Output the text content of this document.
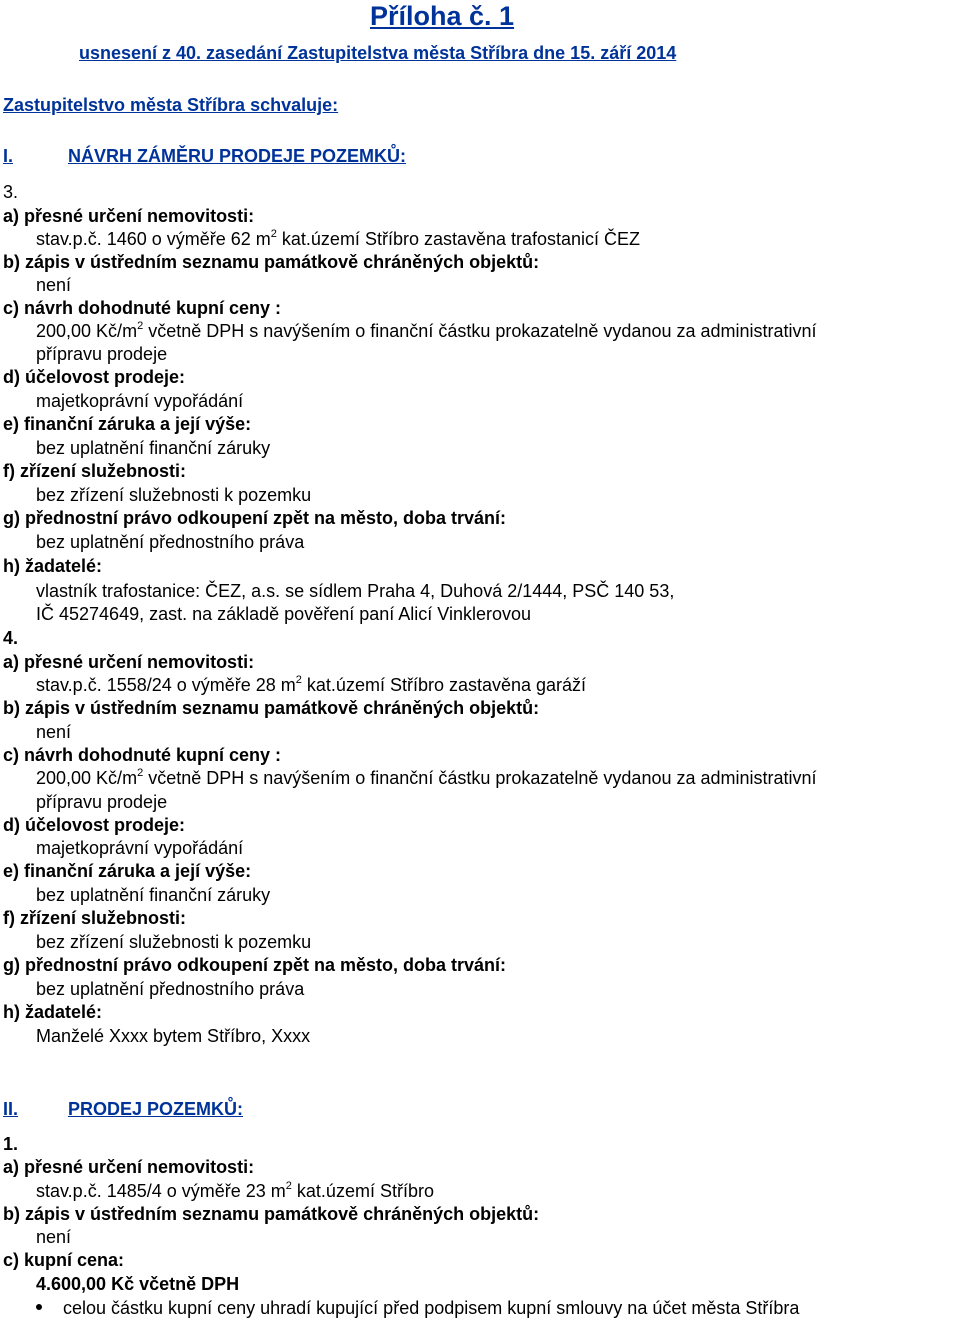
Příloha č. 1
usnesení z 40. zasedání Zastupitelstva města Stříbra dne 15. září 2014
Zastupitelstvo města Stříbra schvaluje:
I.	NÁVRH ZÁMĚRU PRODEJE POZEMKŮ:
3.
a) přesné určení nemovitosti:
stav.p.č. 1460 o výměře 62 $m^2$ kat.území Stříbro zastavěna trafostanicí ČEZ
b) zápis v ústředním seznamu památkově chráněných objektů:
není
c) návrh dohodnuté kupní ceny :
200,00 $Kč/m^2$ včetně DPH s navýšením o finanční částku prokazatelně vydanou za administrativní
přípravu prodeje
d) účelovost prodeje:
majetkoprávní vypořádání
e) finanční záruka a její výše:
bez uplatnění finanční záruky
f) zřízení služebnosti:
bez zřízení služebnosti k pozemku
g) přednostní právo odkoupení zpět na město, doba trvání:
bez uplatnění přednostního práva
h) žadatelé:
vlastník trafostanice: ČEZ, a.s. se sídlem Praha 4, Duhová 2/1444, PSČ 140 53,
IČ 45274649, zast. na základě pověření paní Alicí Vinklerovou
4.
a) přesné určení nemovitosti:
stav.p.č. 1558/24 o výměře 28 $m^2$ kat.území Stříbro zastavěna garáží
b) zápis v ústředním seznamu památkově chráněných objektů:
není
c) návrh dohodnuté kupní ceny :
200,00 $Kč/m^2$ včetně DPH s navýšením o finanční částku prokazatelně vydanou za administrativní
přípravu prodeje
d) účelovost prodeje:
majetkoprávní vypořádání
e) finanční záruka a její výše:
bez uplatnění finanční záruky
f) zřízení služebnosti:
bez zřízení služebnosti k pozemku
g) přednostní právo odkoupení zpět na město, doba trvání:
bez uplatnění přednostního práva
h) žadatelé:
Manželé Xxxx bytem Stříbro, Xxxx
II.	PRODEJ POZEMKŮ:
1.
a) přesné určení nemovitosti:
stav.p.č. 1485/4 o výměře 23 $m^2$ kat.území Stříbro
b) zápis v ústředním seznamu památkově chráněných objektů:
není
c) kupní cena:
4.600,00 Kč včetně DPH
celou částku kupní ceny uhradí kupující před podpisem kupní smlouvy na účet města Stříbra
